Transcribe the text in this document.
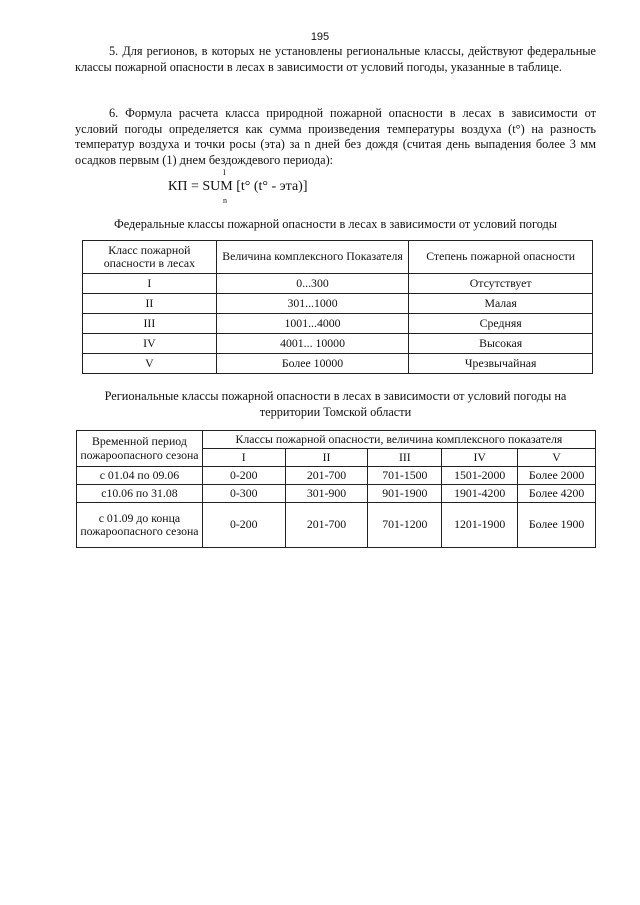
195

5. Для регионов, в которых не установлены региональные классы, действуют федеральные классы пожарной опасности в лесах в зависимости от условий погоды, указанные в таблице.

6. Формула расчета класса природной пожарной опасности в лесах в зависимости от условий погоды определяется как сумма произведения температуры воздуха (t°) на разность температур воздуха и точки росы (эта) за n дней без дождя (считая день выпадения более 3 мм осадков первым (1) днем бездождевого периода):

I
КП = SUM [t° (t° - эта)]
n

Федеральные классы пожарной опасности в лесах в зависимости от условий погоды

Класс пожарной опасности в лесах	Величина комплексного Показателя	Степень пожарной опасности
I	0...300	Отсутствует
II	301...1000	Малая
III	1001...4000	Средняя
IV	4001... 10000	Высокая
V	Более 10000	Чрезвычайная

Региональные классы пожарной опасности в лесах в зависимости от условий погоды на территории Томской области

Временной период пожароопасного сезона	Классы пожарной опасности, величина комплексного показателя				
	I	II	III	IV	V
с 01.04 по 09.06	0-200	201-700	701-1500	1501-2000	Более 2000
с10.06 по 31.08	0-300	301-900	901-1900	1901-4200	Более 4200
с 01.09 до конца пожароопасного сезона	0-200	201-700	701-1200	1201-1900	Более 1900
